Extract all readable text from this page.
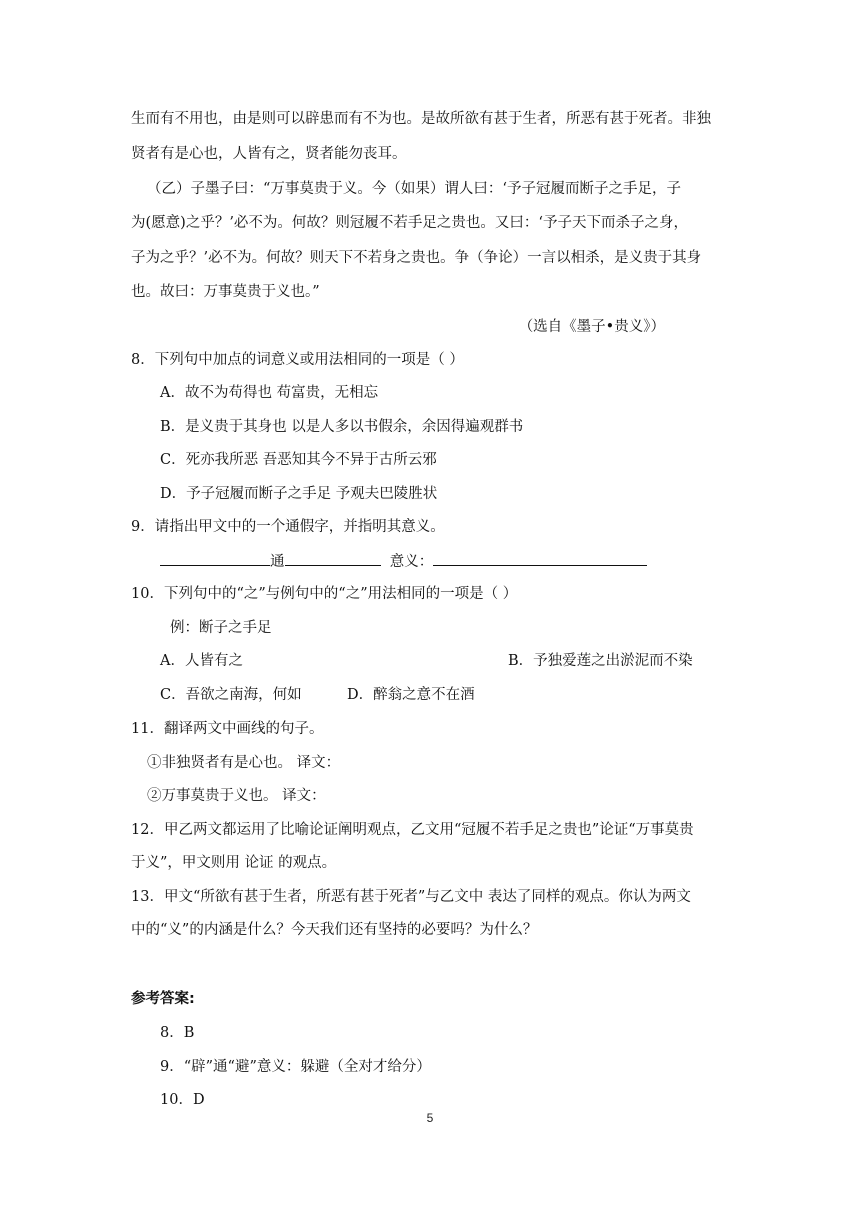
生而有不用也，由是则可以辟患而有不为也。是故所欲有甚于生者，所恶有甚于死者。非独
贤者有是心也，人皆有之，贤者能勿丧耳。
（乙）子墨子曰：“万事莫贵于义。今（如果）谓人曰：‘予子冠履而断子之手足，子
为(愿意)之乎？’必不为。何故？则冠履不若手足之贵也。又曰：‘予子天下而杀子之身，
子为之乎？’必不为。何故？则天下不若身之贵也。争（争论）一言以相杀，是义贵于其身
也。故曰：万事莫贵于义也。”
（选自《墨子•贵义》）
8．下列句中加点的词意义或用法相同的一项是（ ）
A．故不为苟得也 苟富贵，无相忘
B．是义贵于其身也 以是人多以书假余，余因得遍观群书
C．死亦我所恶 吾恶知其今不异于古所云邪
D．予子冠履而断子之手足 予观夫巴陵胜状
9．请指出甲文中的一个通假字，并指明其意义。
通	意义：
10．下列句中的“之”与例句中的“之”用法相同的一项是（ ）
例：断子之手足
A．人皆有之	B．予独爱莲之出淤泥而不染
C．吾欲之南海，何如	D．醉翁之意不在酒
11．翻译两文中画线的句子。
①非独贤者有是心也。 译文：
②万事莫贵于义也。 译文：
12．甲乙两文都运用了比喻论证阐明观点，乙文用“冠履不若手足之贵也”论证“万事莫贵
于义”，甲文则用 论证 的观点。
13．甲文“所欲有甚于生者，所恶有甚于死者”与乙文中 表达了同样的观点。你认为两文
中的“义”的内涵是什么？今天我们还有坚持的必要吗？为什么？
参考答案:
8．B
9．“辟”通“避”意义：躲避（全对才给分）
10．D
5
